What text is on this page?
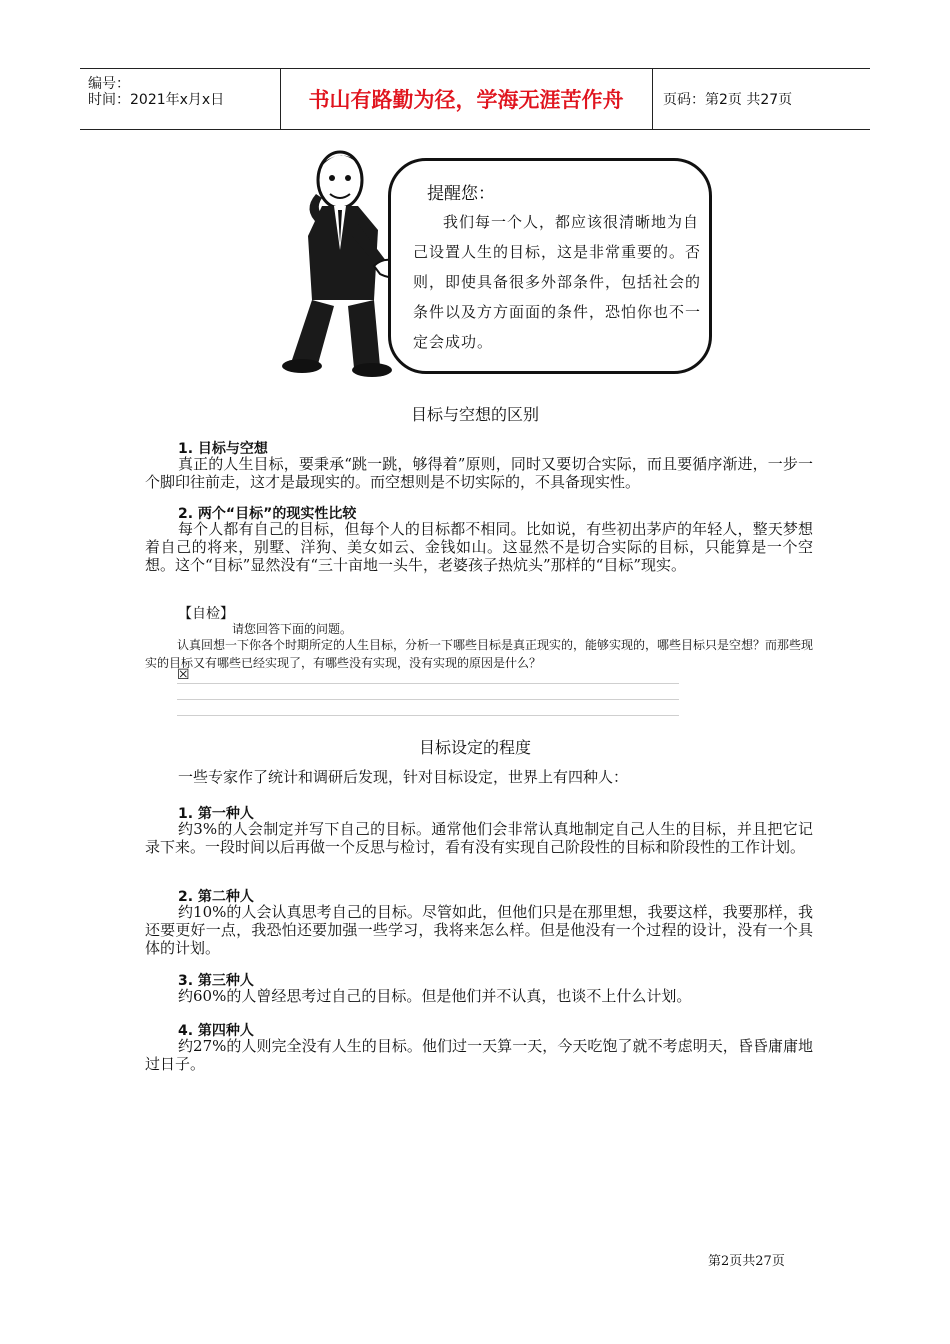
编号：
时间：2021年x月x日	书山有路勤为径，学海无涯苦作舟	页码：第2页 共27页
提醒您：
我们每一个人，都应该很清晰地为自己设置人生的目标，这是非常重要的。否则，即使具备很多外部条件，包括社会的条件以及方方面面的条件，恐怕你也不一定会成功。
目标与空想的区别
1. 目标与空想
真正的人生目标，要秉承“跳一跳，够得着”原则，同时又要切合实际，而且要循序渐进，一步一个脚印往前走，这才是最现实的。而空想则是不切实际的，不具备现实性。
2. 两个“目标”的现实性比较
每个人都有自己的目标，但每个人的目标都不相同。比如说，有些初出茅庐的年轻人，整天梦想着自己的将来，别墅、洋狗、美女如云、金钱如山。这显然不是切合实际的目标，只能算是一个空想。这个“目标”显然没有“三十亩地一头牛，老婆孩子热炕头”那样的“目标”现实。
【自检】
请您回答下面的问题。
认真回想一下你各个时期所定的人生目标，分析一下哪些目标是真正现实的，能够实现的，哪些目标只是空想？而那些现实的目标又有哪些已经实现了，有哪些没有实现，没有实现的原因是什么？
☒
目标设定的程度
一些专家作了统计和调研后发现，针对目标设定，世界上有四种人：
1. 第一种人
约3%的人会制定并写下自己的目标。通常他们会非常认真地制定自己人生的目标，并且把它记录下来。一段时间以后再做一个反思与检讨，看有没有实现自己阶段性的目标和阶段性的工作计划。
2. 第二种人
约10%的人会认真思考自己的目标。尽管如此，但他们只是在那里想，我要这样，我要那样，我还要更好一点，我恐怕还要加强一些学习，我将来怎么样。但是他没有一个过程的设计，没有一个具体的计划。
3. 第三种人
约60%的人曾经思考过自己的目标。但是他们并不认真，也谈不上什么计划。
4. 第四种人
约27%的人则完全没有人生的目标。他们过一天算一天，今天吃饱了就不考虑明天，昏昏庸庸地过日子。
第2页共27页
